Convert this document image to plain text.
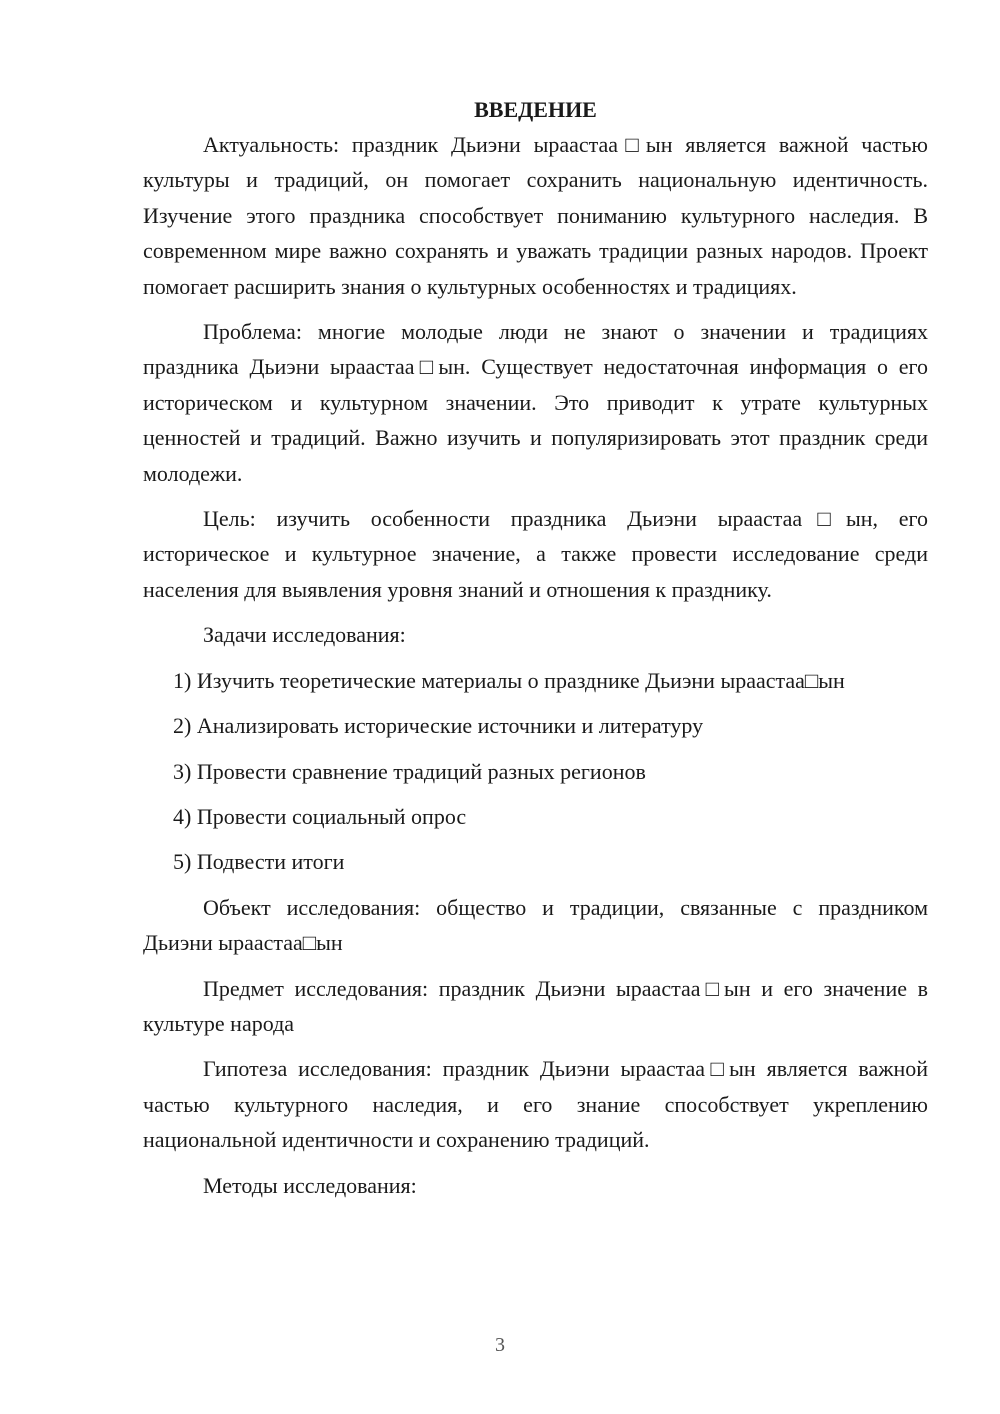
ВВЕДЕНИЕ

Актуальность: праздник Дьиэни ыраастаа□ын является важной частью культуры и традиций, он помогает сохранить национальную идентичность. Изучение этого праздника способствует пониманию культурного наследия. В современном мире важно сохранять и уважать традиции разных народов. Проект помогает расширить знания о культурных особенностях и традициях.

Проблема: многие молодые люди не знают о значении и традициях праздника Дьиэни ыраастаа□ын. Существует недостаточная информация о его историческом и культурном значении. Это приводит к утрате культурных ценностей и традиций. Важно изучить и популяризировать этот праздник среди молодежи.

Цель: изучить особенности праздника Дьиэни ыраастаа□ын, его историческое и культурное значение, а также провести исследование среди населения для выявления уровня знаний и отношения к празднику.

Задачи исследования:

1) Изучить теоретические материалы о празднике Дьиэни ыраастаа□ын

2) Анализировать исторические источники и литературу

3) Провести сравнение традиций разных регионов

4) Провести социальный опрос

5) Подвести итоги

Объект исследования: общество и традиции, связанные с праздником Дьиэни ыраастаа□ын

Предмет исследования: праздник Дьиэни ыраастаа□ын и его значение в культуре народа

Гипотеза исследования: праздник Дьиэни ыраастаа□ын является важной частью культурного наследия, и его знание способствует укреплению национальной идентичности и сохранению традиций.

Методы исследования:

3
